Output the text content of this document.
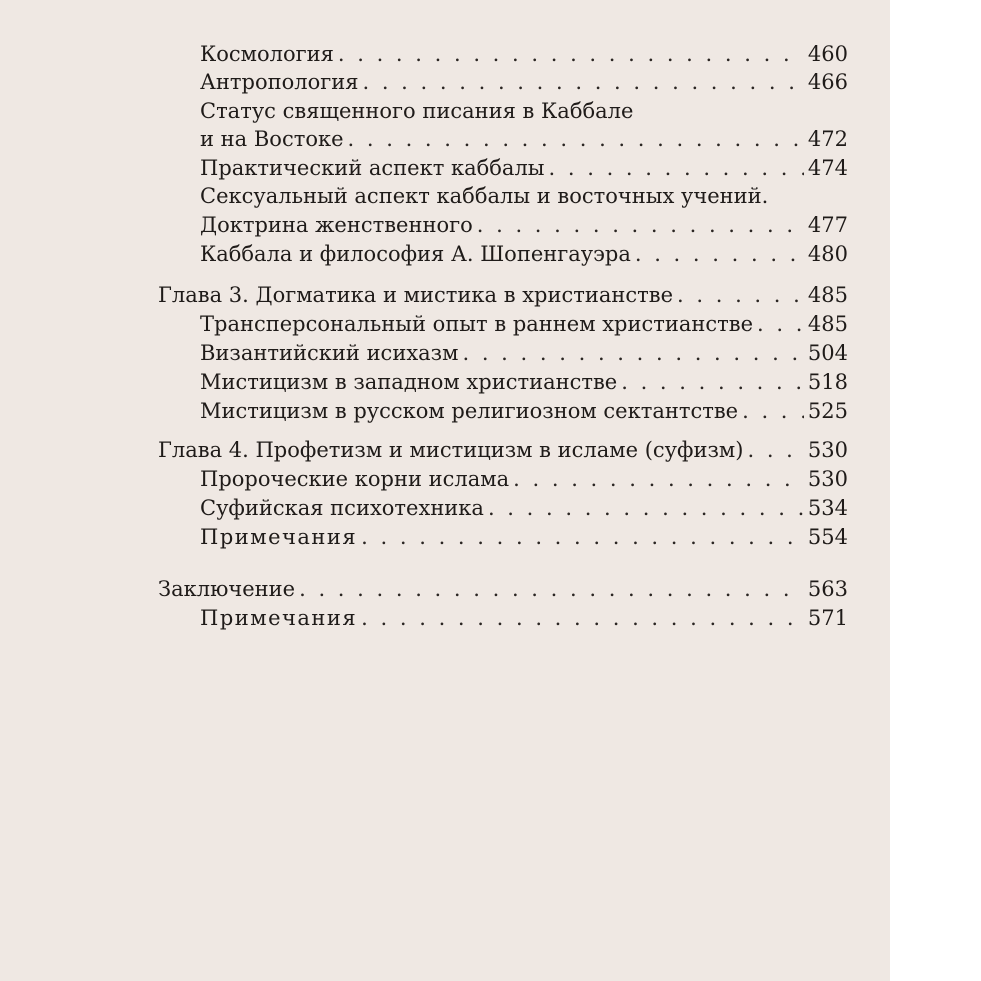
Космология . . .	460
Антропология . . .	466
Статус священного писания в Каббале
и на Востоке . . .	472
Практический аспект каббалы . . .	474
Сексуальный аспект каббалы и восточных учений.
Доктрина женственного . . .	477
Каббала и философия А. Шопенгауэра . . .	480
Глава 3. Догматика и мистика в христианстве . . .	485
Трансперсональный опыт в раннем христианстве . . .	485
Византийский исихазм . . .	504
Мистицизм в западном христианстве . . .	518
Мистицизм в русском религиозном сектантстве . . .	525
Глава 4. Профетизм и мистицизм в исламе (суфизм) . . .	530
Пророческие корни ислама . . .	530
Суфийская психотехника . . .	534
Примечания . . .	554
Заключение . . .	563
Примечания . . .	571
